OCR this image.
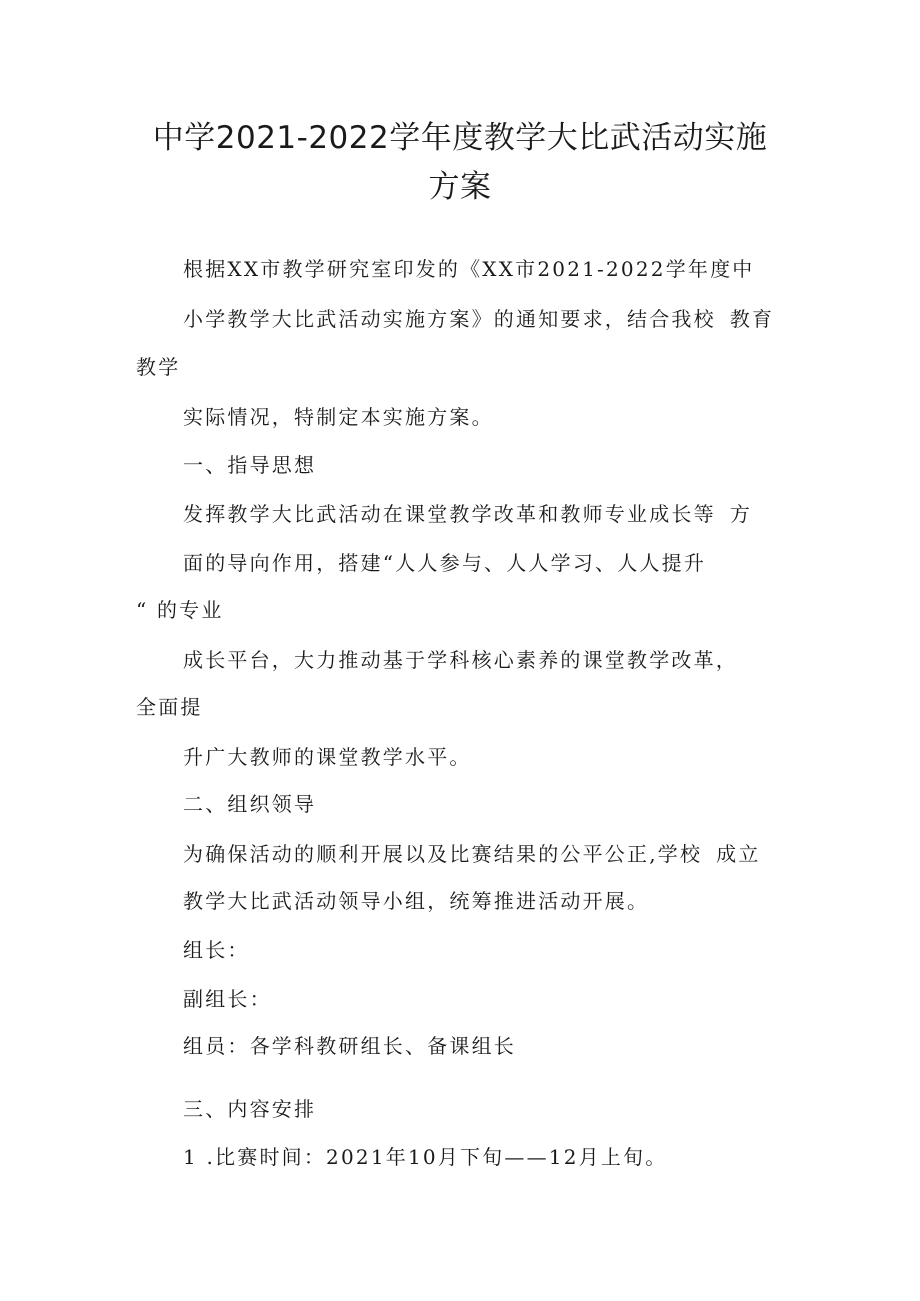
中学2021-2022学年度教学大比武活动实施
方案
根据XX市教学研究室印发的《XX市2021-2022学年度中
小学教学大比武活动实施方案》的通知要求，结合我校 教育
教学
实际情况，特制定本实施方案。
一、指导思想
发挥教学大比武活动在课堂教学改革和教师专业成长等 方
面的导向作用，搭建“人人参与、人人学习、人人提升
“ 的专业
成长平台，大力推动基于学科核心素养的课堂教学改革，
全面提
升广大教师的课堂教学水平。
二、组织领导
为确保活动的顺利开展以及比赛结果的公平公正,学校 成立
教学大比武活动领导小组，统筹推进活动开展。
组长：
副组长：
组员：各学科教研组长、备课组长
三、内容安排
1 .比赛时间：2021年10月下旬——12月上旬。
